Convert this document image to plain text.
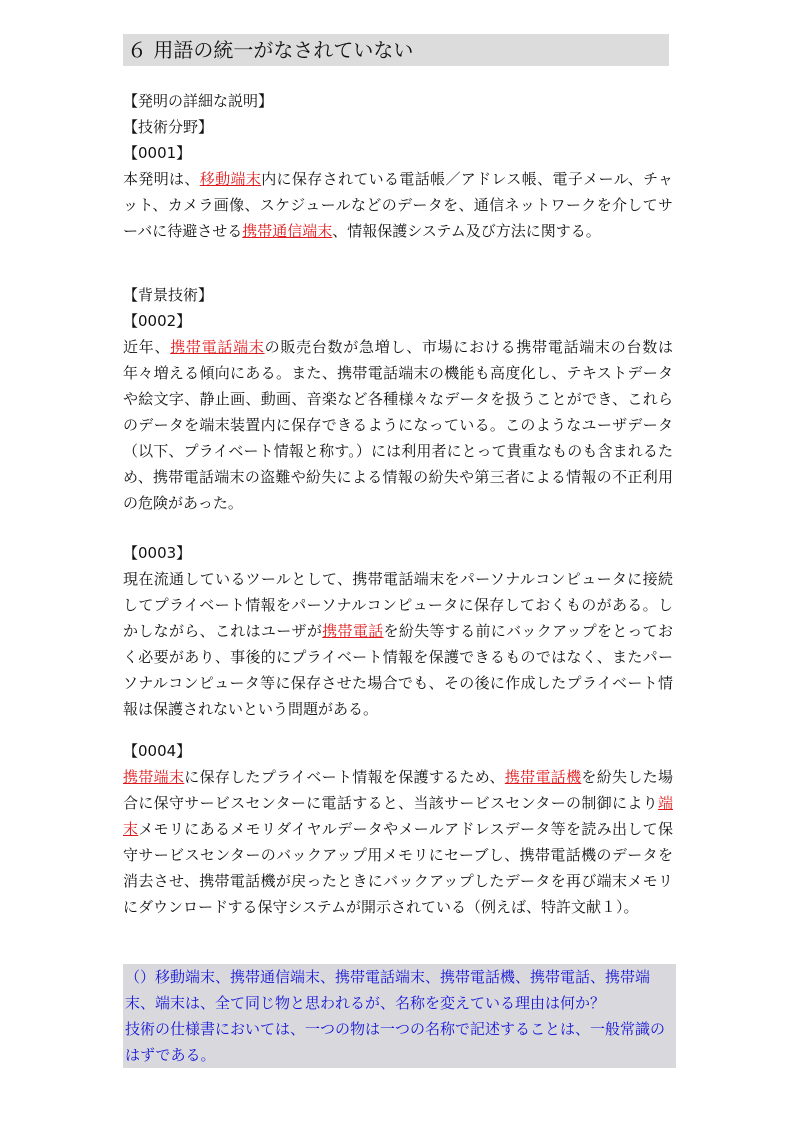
６ 用語の統一がなされていない
【発明の詳細な説明】
【技術分野】
【0001】
本発明は、移動端末内に保存されている電話帳／アドレス帳、電子メール、チャット、カメラ画像、スケジュールなどのデータを、通信ネットワークを介してサーバに待避させる携帯通信端末、情報保護システム及び方法に関する。
【背景技術】
【0002】
近年、携帯電話端末の販売台数が急増し、市場における携帯電話端末の台数は年々増える傾向にある。また、携帯電話端末の機能も高度化し、テキストデータや絵文字、静止画、動画、音楽など各種様々なデータを扱うことができ、これらのデータを端末装置内に保存できるようになっている。このようなユーザデータ（以下、プライベート情報と称す。）には利用者にとって貴重なものも含まれるため、携帯電話端末の盗難や紛失による情報の紛失や第三者による情報の不正利用の危険があった。
【0003】
現在流通しているツールとして、携帯電話端末をパーソナルコンピュータに接続してプライベート情報をパーソナルコンピュータに保存しておくものがある。しかしながら、これはユーザが携帯電話を紛失等する前にバックアップをとっておく必要があり、事後的にプライベート情報を保護できるものではなく、またパーソナルコンピュータ等に保存させた場合でも、その後に作成したプライベート情報は保護されないという問題がある。
【0004】
携帯端末に保存したプライベート情報を保護するため、携帯電話機を紛失した場合に保守サービスセンターに電話すると、当該サービスセンターの制御により端末メモリにあるメモリダイヤルデータやメールアドレスデータ等を読み出して保守サービスセンターのバックアップ用メモリにセーブし、携帯電話機のデータを消去させ、携帯電話機が戻ったときにバックアップしたデータを再び端末メモリにダウンロードする保守システムが開示されている（例えば、特許文献１）。
（）移動端末、携帯通信端末、携帯電話端末、携帯電話機、携帯電話、携帯端末、端末は、全て同じ物と思われるが、名称を変えている理由は何か？
技術の仕様書においては、一つの物は一つの名称で記述することは、一般常識のはずである。
